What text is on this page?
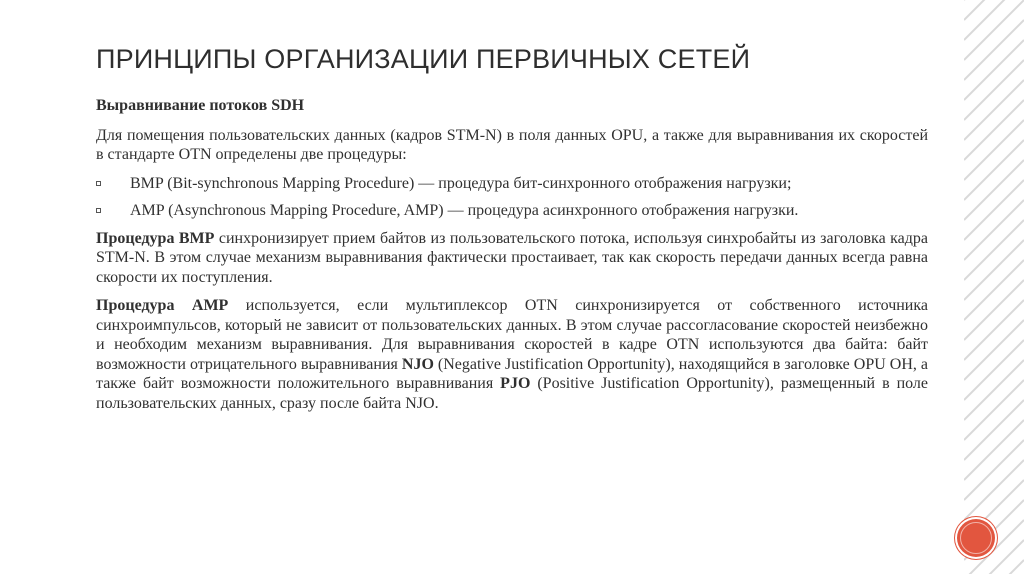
ПРИНЦИПЫ ОРГАНИЗАЦИИ ПЕРВИЧНЫХ СЕТЕЙ

Выравнивание потоков SDH

Для помещения пользовательских данных (кадров STM-N) в поля данных OPU, а также для выравнивания их скоростей в стандарте OTN определены две процедуры:

BMP (Bit-synchronous Mapping Procedure) — процедура бит-синхронного отображения нагрузки;
AMP (Asynchronous Mapping Procedure, AMP) — процедура асинхронного отображения нагрузки.

Процедура BMP синхронизирует прием байтов из пользовательского потока, используя синхробайты из заголовка кадра STM-N. В этом случае механизм выравнивания фактически простаивает, так как скорость передачи данных всегда равна скорости их поступления.

Процедура AMP используется, если мультиплексор OTN синхронизируется от собственного источника синхроимпульсов, который не зависит от пользовательских данных. В этом случае рассогласование скоростей неизбежно и необходим механизм выравнивания. Для выравнивания скоростей в кадре OTN используются два байта: байт возможности отрицательного выравнивания NJO (Negative Justification Opportunity), находящийся в заголовке OPU OH, а также байт возможности положительного выравнивания PJO (Positive Justification Opportunity), размещенный в поле пользовательских данных, сразу после байта NJO.
